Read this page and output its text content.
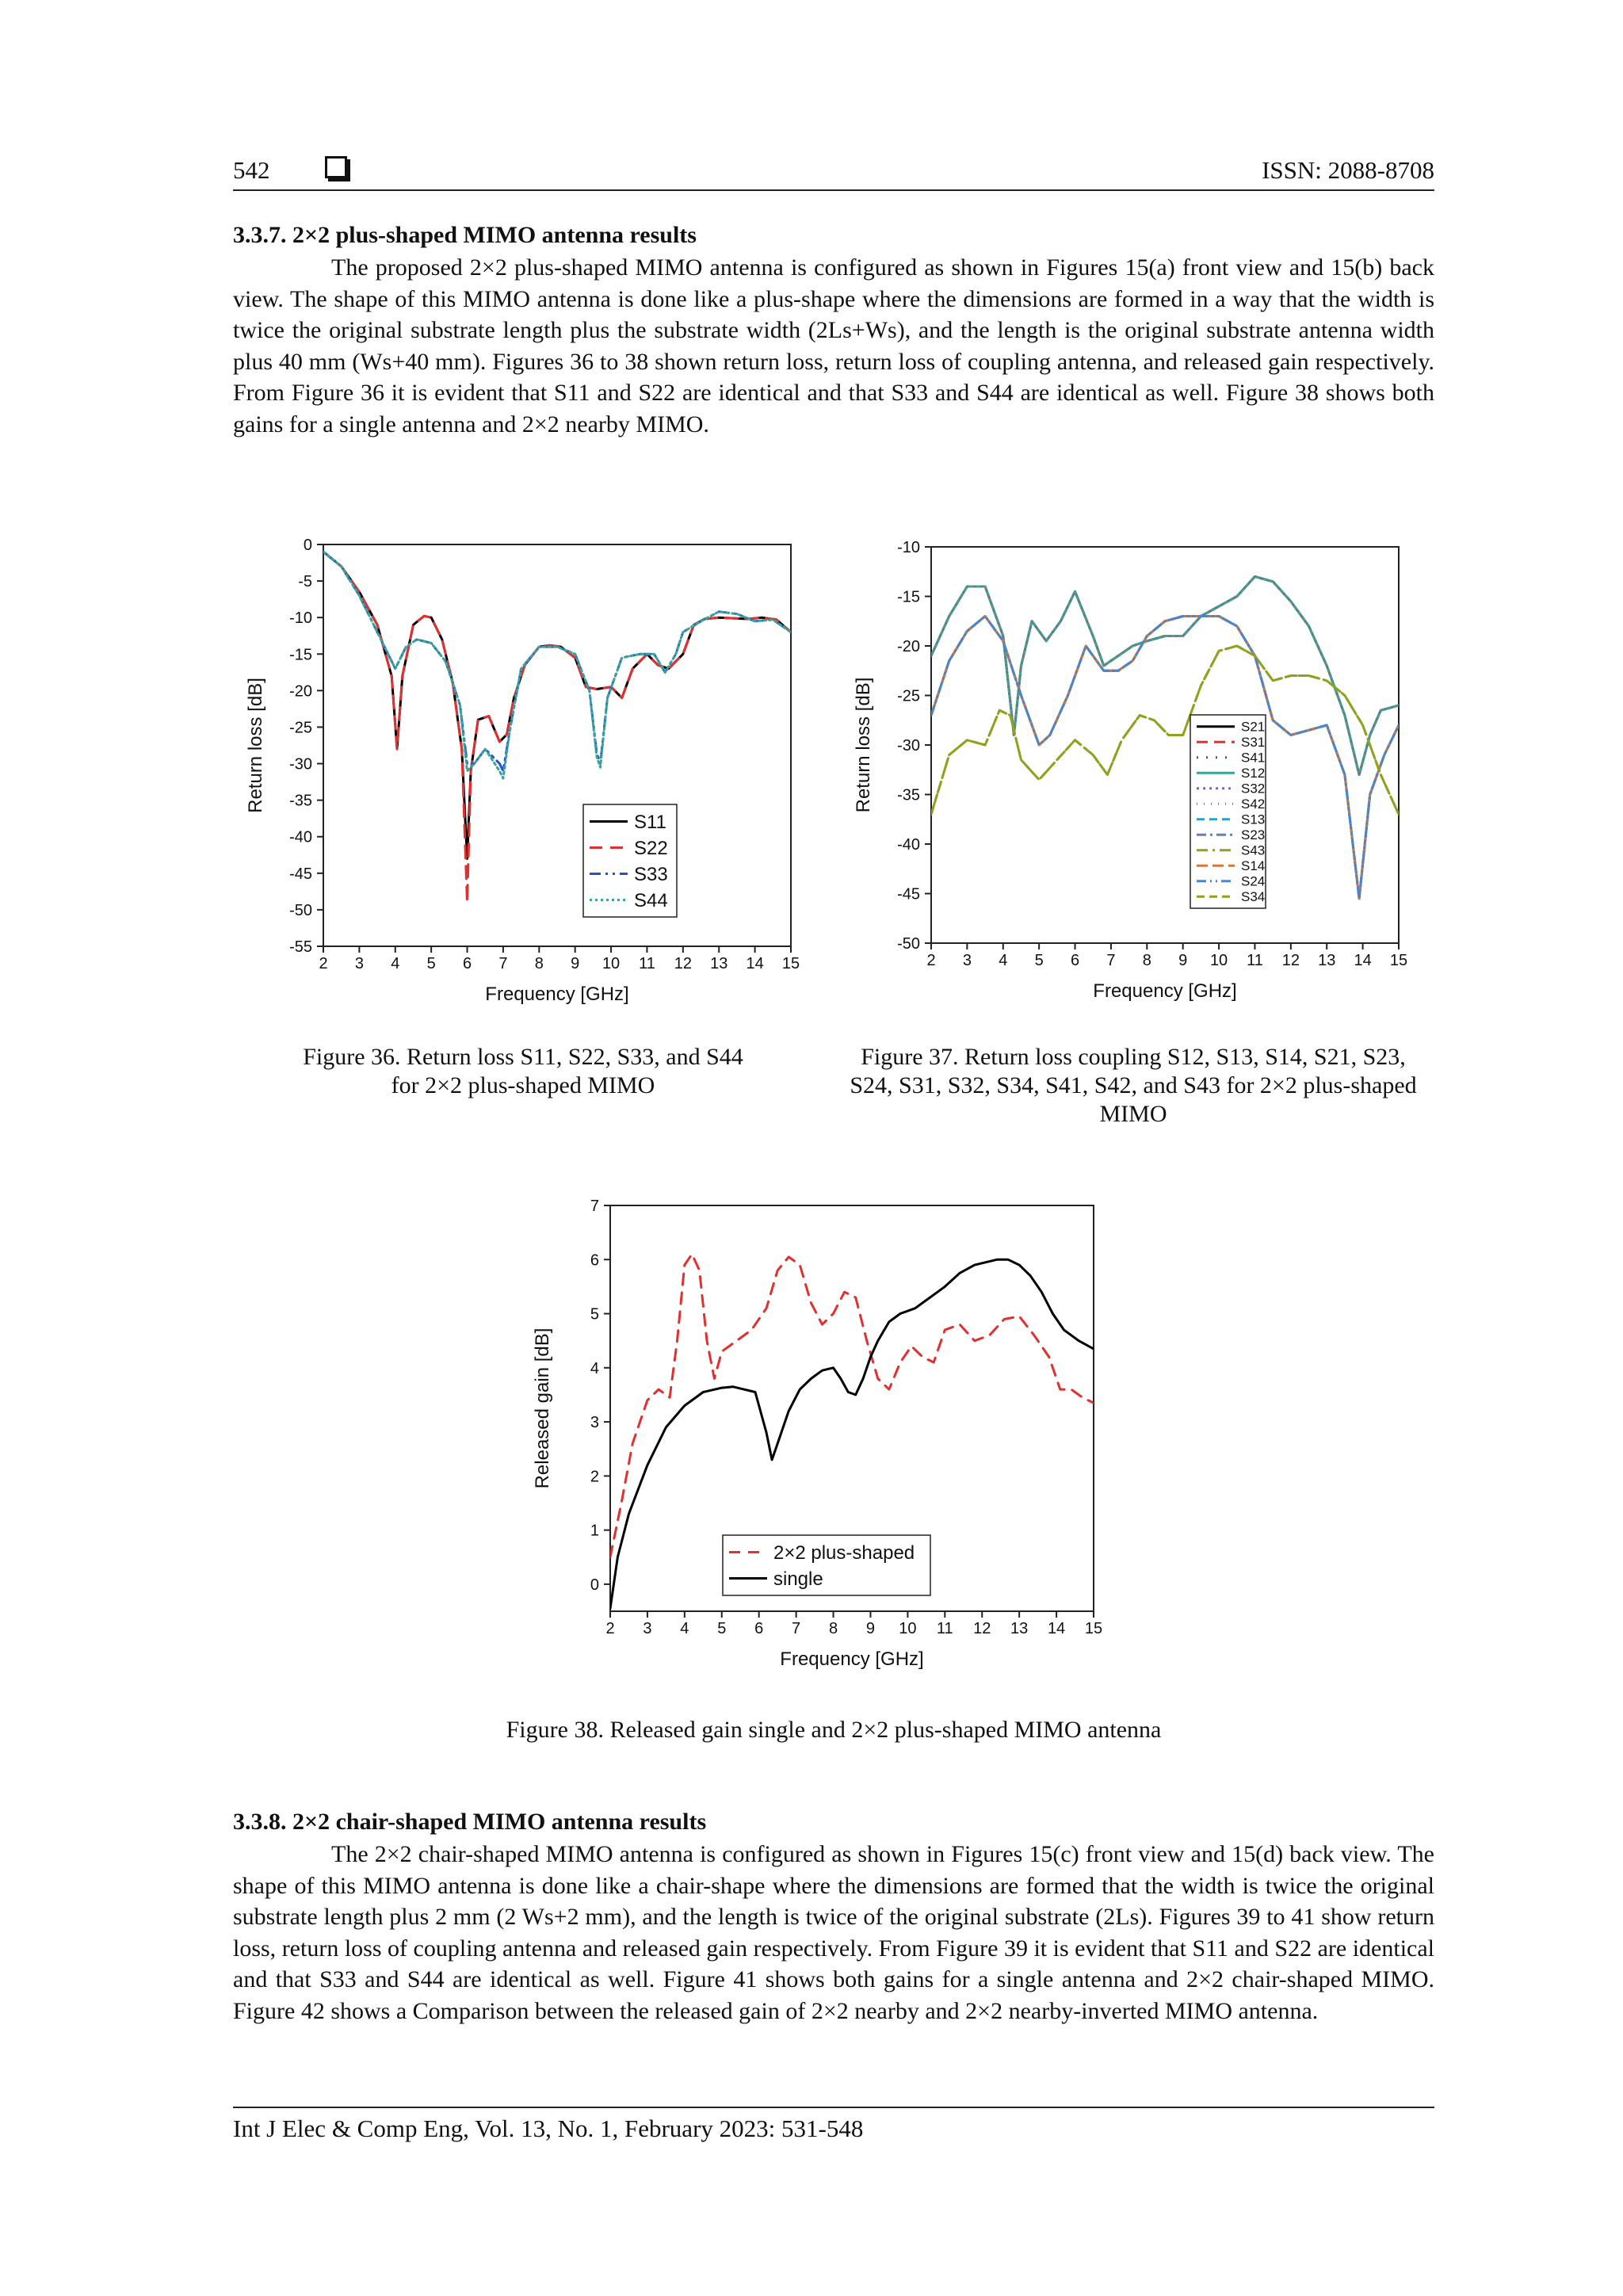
542	ISSN: 2088-8708
3.3.7. 2×2 plus-shaped MIMO antenna results

The proposed 2×2 plus-shaped MIMO antenna is configured as shown in Figures 15(a) front view and 15(b) back view. The shape of this MIMO antenna is done like a plus-shape where the dimensions are formed in a way that the width is twice the original substrate length plus the substrate width (2Ls+Ws), and the length is the original substrate antenna width plus 40 mm (Ws+40 mm). Figures 36 to 38 shown return loss, return loss of coupling antenna, and released gain respectively. From Figure 36 it is evident that S11 and S22 are identical and that S33 and S44 are identical as well. Figure 38 shows both gains for a single antenna and 2×2 nearby MIMO.

2 3 4 5 6 7 8 9 10 11 12 13 14 15
0
-5
-10
-15
-20
-25
-30
-35
-40
-45
-50
-55
Frequency [GHz]
Return loss [dB]
S11
S22
S33
S44
Figure 36. Return loss S11, S22, S33, and S44 for 2×2 plus-shaped MIMO
2 3 4 5 6 7 8 9 10 11 12 13 14 15
-10
-15
-20
-25
-30
-35
-40
-45
-50
Frequency [GHz]
Return loss [dB]	S21
S31
S41
S12
S32
S42
S13
S23
S43
S14
S24
S34
Figure 37. Return loss coupling S12, S13, S14, S21, S23, S24, S31, S32, S34, S41, S42, and S43 for 2×2 plus-shaped MIMO
2 3 4 5 6 7 8 9 10 11 12 13 14 15
0
1
2
3
4
5
6
7
Frequency [GHz]
Released gain [dB]
2×2 plus-shaped
single
Figure 38. Released gain single and 2×2 plus-shaped MIMO antenna
3.3.8. 2×2 chair-shaped MIMO antenna results

The 2×2 chair-shaped MIMO antenna is configured as shown in Figures 15(c) front view and 15(d) back view. The shape of this MIMO antenna is done like a chair-shape where the dimensions are formed that the width is twice the original substrate length plus 2 mm (2 Ws+2 mm), and the length is twice of the original substrate (2Ls). Figures 39 to 41 show return loss, return loss of coupling antenna and released gain respectively. From Figure 39 it is evident that S11 and S22 are identical and that S33 and S44 are identical as well. Figure 41 shows both gains for a single antenna and 2×2 chair-shaped MIMO. Figure 42 shows a Comparison between the released gain of 2×2 nearby and 2×2 nearby-inverted MIMO antenna.

Int J Elec & Comp Eng, Vol. 13, No. 1, February 2023: 531-548
